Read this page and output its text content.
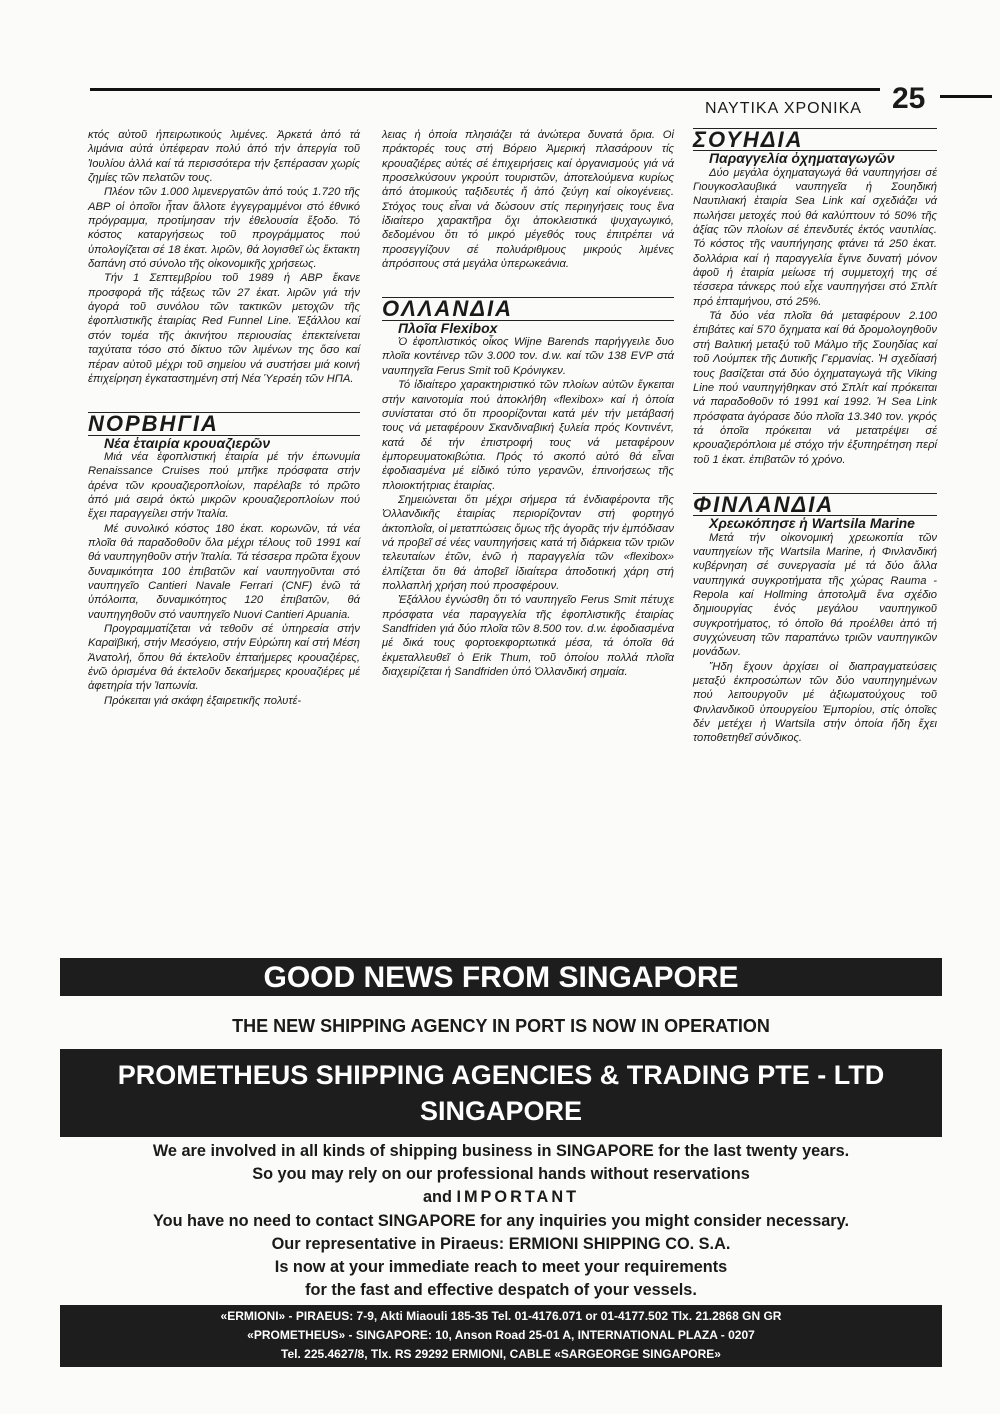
ΝΑΥΤΙΚΑ ΧΡΟΝΙΚΑ 25

κτός αὐτοῦ ἠπειρωτικούς λιμένες. Ἀρκετά ἀπό τά λιμάνια αὐτά ὑπέφεραν πολύ ἀπό τήν ἀπεργία τοῦ Ἰουλίου ἀλλά καί τά περισσότερα τήν ξεπέρασαν χωρίς ζημίες τῶν πελατῶν τους.

Πλέον τῶν 1.000 λιμενεργατῶν ἀπό τούς 1.720 τῆς ΑΒΡ οἱ ὁποῖοι ἦταν ἄλλοτε ἐγγεγραμμένοι στό ἐθνικό πρόγραμμα, προτίμησαν τήν ἐθελουσία ἔξοδο. Τό κόστος καταργήσεως τοῦ προγράμματος πού ὑπολογίζεται σέ 18 ἑκατ. λιρῶν, θά λογισθεῖ ὡς ἔκτακτη δαπάνη στό σύνολο τῆς οἰκονομικῆς χρήσεως.

Τήν 1 Σεπτεμβρίου τοῦ 1989 ἡ ΑΒΡ ἔκανε προσφορά τῆς τάξεως τῶν 27 ἑκατ. λιρῶν γιά τήν ἀγορά τοῦ συνόλου τῶν τακτικῶν μετοχῶν τῆς ἐφοπλιστικῆς ἑταιρίας Red Funnel Line. Ἐξάλλου καί στόν τομέα τῆς ἀκινήτου περιουσίας ἐπεκτείνεται ταχύτατα τόσο στό δίκτυο τῶν λιμένων της ὅσο καί πέραν αὐτοῦ μέχρι τοῦ σημείου νά συστήσει μιά κοινή ἐπιχείρηση ἐγκαταστημένη στή Νέα Ὑερσέη τῶν ΗΠΑ.

ΝΟΡΒΗΓΙΑ

Νέα ἑταιρία κρουαζιερῶν

Μιά νέα ἐφοπλιστική ἑταιρία μέ τήν ἐπωνυμία Renaissance Cruises πού μπῆκε πρόσφατα στήν ἀρένα τῶν κρουαζιεροπλοίων, παρέλαβε τό πρῶτο ἀπό μιά σειρά ὀκτώ μικρῶν κρουαζιεροπλοίων πού ἔχει παραγγείλει στήν Ἰταλία.

Μέ συνολικό κόστος 180 ἑκατ. κορωνῶν, τά νέα πλοῖα θά παραδοθοῦν ὅλα μέχρι τέλους τοῦ 1991 καί θά ναυπηγηθοῦν στήν Ἰταλία. Τά τέσσερα πρῶτα ἔχουν δυναμικότητα 100 ἐπιβατῶν καί ναυπηγοῦνται στό ναυπηγεῖο Cantieri Navale Ferrari (CNF) ἐνῶ τά ὑπόλοιπα, δυναμικότητος 120 ἐπιβατῶν, θά ναυπηγηθοῦν στό ναυπηγεῖο Nuovi Cantieri Apuania.

Προγραμματίζεται νά τεθοῦν σέ ὑπηρεσία στήν Καραϊβική, στήν Μεσόγειο, στήν Εὐρώπη καί στή Μέση Ἀνατολή, ὅπου θά ἐκτελοῦν ἐπταήμερες κρουαζιέρες, ἐνῶ ὁρισμένα θά ἐκτελοῦν δεκαήμερες κρουαζιέρες μέ ἀφετηρία τήν Ἰαπωνία.

Πρόκειται γιά σκάφη ἐξαιρετικῆς πολυτέ-

λειας ἡ ὁποία πλησιάζει τά ἀνώτερα δυνατά ὅρια. Οἱ πράκτορές τους στή Βόρειο Ἀμερική πλασάρουν τίς κρουαζιέρες αὐτές σέ ἐπιχειρήσεις καί ὀργανισμούς γιά νά προσελκύσουν γκρούπ τουριστῶν, ἀποτελούμενα κυρίως ἀπό ἀτομικούς ταξιδευτές ἤ ἀπό ζεύγη καί οἰκογένειες. Στόχος τους εἶναι νά δώσουν στίς περιηγήσεις τους ἕνα ἰδιαίτερο χαρακτῆρα ὄχι ἀποκλειστικά ψυχαγωγικό, δεδομένου ὅτι τό μικρό μέγεθός τους ἐπιτρέπει νά προσεγγίζουν σέ πολυάριθμους μικρούς λιμένες ἀπρόσιτους στά μεγάλα ὑπερωκεάνια.

ΟΛΛΑΝΔΙΑ

Πλοῖα Flexibox

Ὁ ἐφοπλιστικός οἶκος Wijne Barends παρήγγειλε δυο πλοῖα κοντέινερ τῶν 3.000 τον. d.w. καί τῶν 138 EVP στά ναυπηγεῖα Ferus Smit τοῦ Κρόνιγκεν.

Τό ἰδιαίτερο χαρακτηριστικό τῶν πλοίων αὐτῶν ἔγκειται στήν καινοτομία πού ἀποκλήθη «flexibox» καί ἡ ὁποία συνίσταται στό ὅτι προορίζονται κατά μέν τήν μετάβασή τους νά μεταφέρουν Σκανδιναβική ξυλεία πρός Κοντινέντ, κατά δέ τήν ἐπιστροφή τους νά μεταφέρουν ἐμπορευματοκιβώτια. Πρός τό σκοπό αὐτό θά εἶναι ἐφοδιασμένα μέ εἰδικό τύπο γερανῶν, ἐπινοήσεως τῆς πλοιοκτήτριας ἑταιρίας.

Σημειώνεται ὅτι μέχρι σήμερα τά ἐνδιαφέροντα τῆς Ὀλλανδικῆς ἑταιρίας περιορίζονταν στή φορτηγό ἀκτοπλοΐα, οἱ μετατπώσεις ὅμως τῆς ἀγορᾶς τήν ἐμπόδισαν νά προβεῖ σέ νέες ναυπηγήσεις κατά τή διάρκεια τῶν τριῶν τελευταίων ἐτῶν, ἐνῶ ἡ παραγγελία τῶν «flexibox» ἐλπίζεται ὅτι θά ἀποβεῖ ἰδιαίτερα ἀποδοτική χάρη στή πολλαπλή χρήση πού προσφέρουν.

Ἐξάλλου ἐγνώσθη ὅτι τό ναυπηγεῖο Ferus Smit πέτυχε πρόσφατα νέα παραγγελία τῆς ἐφοπλιστικῆς ἑταιρίας Sandfriden γιά δύο πλοῖα τῶν 8.500 τον. d.w. ἐφοδιασμένα μέ δικά τους φορτοεκφορτωτικά μέσα, τά ὁποῖα θά ἐκμεταλλευθεῖ ὁ Erik Thum, τοῦ ὁποίου πολλά πλοῖα διαχειρίζεται ἡ Sandfriden ὑπό Ὀλλανδική σημαία.

ΣΟΥΗΔΙΑ

Παραγγελία ὀχηματαγωγῶν

Δύο μεγάλα ὀχηματαγωγά θά ναυπηγήσει σέ Γιουγκοσλαυβικά ναυπηγεῖα ἡ Σουηδική Ναυτιλιακή ἑταιρία Sea Link καί σχεδιάζει νά πωλήσει μετοχές πού θά καλύπτουν τό 50% τῆς ἀξίας τῶν πλοίων σέ ἐπενδυτές ἐκτός ναυτιλίας. Τό κόστος τῆς ναυπήγησης φτάνει τά 250 ἑκατ. δολλάρια καί ἡ παραγγελία ἔγινε δυνατή μόνον ἀφοῦ ἡ ἑταιρία μείωσε τή συμμετοχή της σέ τέσσερα τάνκερς πού εἶχε ναυπηγήσει στό Σπλίτ πρό ἑπταμήνου, στό 25%.

Τά δύο νέα πλοῖα θά μεταφέρουν 2.100 ἐπιβάτες καί 570 ὄχηματα καί θά δρομολογηθοῦν στή Βαλτική μεταξύ τοῦ Μάλμο τῆς Σουηδίας καί τοῦ Λούμπεκ τῆς Δυτικῆς Γερμανίας. Ἡ σχεδίασή τους βασίζεται στά δύο ὀχηματαγωγά τῆς Viking Line πού ναυπηγήθηκαν στό Σπλίτ καί πρόκειται νά παραδοθοῦν τό 1991 καί 1992. Ἡ Sea Link πρόσφατα ἀγόρασε δύο πλοῖα 13.340 τον. γκρός τά ὁποῖα πρόκειται νά μετατρέψει σέ κρουαζιερόπλοια μέ στόχο τήν ἐξυπηρέτηση περί τοῦ 1 ἑκατ. ἐπιβατῶν τό χρόνο.

ΦΙΝΛΑΝΔΙΑ

Χρεωκόπησε ἡ Wartsila Marine

Μετά τήν οἰκονομική χρεωκοπία τῶν ναυπηγείων τῆς Wartsila Marine, ἡ Φινλανδική κυβέρνηση σέ συνεργασία μέ τά δύο ἄλλα ναυπηγικά συγκροτήματα τῆς χώρας Rauma - Repola καί Hollming ἀποτολμᾶ ἕνα σχέδιο δημιουργίας ἑνός μεγάλου ναυπηγικοῦ συγκροτήματος, τό ὁποῖο θά προέλθει ἀπό τή συγχώνευση τῶν παραπάνω τριῶν ναυπηγικῶν μονάδων.

Ἤδη ἔχουν ἀρχίσει οἱ διαπραγματεύσεις μεταξύ ἐκπροσώπων τῶν δύο ναυπηγημένων πού λειτουργοῦν μέ ἀξιωματούχους τοῦ Φινλανδικοῦ ὑπουργείου Ἐμπορίου, στίς ὁποῖες δέν μετέχει ἡ Wartsila στήν ὁποία ἤδη ἔχει τοποθετηθεῖ σύνδικος.

GOOD NEWS FROM SINGAPORE
THE NEW SHIPPING AGENCY IN PORT IS NOW IN OPERATION
PROMETHEUS SHIPPING AGENCIES & TRADING PTE - LTD
SINGAPORE
We are involved in all kinds of shipping business in SINGAPORE for the last twenty years.
So you may rely on our professional hands without reservations
and IMPORTANT
You have no need to contact SINGAPORE for any inquiries you might consider necessary.
Our representative in Piraeus: ERMIONI SHIPPING CO. S.A.
Is now at your immediate reach to meet your requirements
for the fast and effective despatch of your vessels.
«ERMIONI» - PIRAEUS: 7-9, Akti Miaouli 185-35 Tel. 01-4176.071 or 01-4177.502 Tlx. 21.2868 GN GR
«PROMETHEUS» - SINGAPORE: 10, Anson Road 25-01 A, INTERNATIONAL PLAZA - 0207
Tel. 225.4627/8, Tlx. RS 29292 ERMIONI, CABLE «SARGEORGE SINGAPORE»
